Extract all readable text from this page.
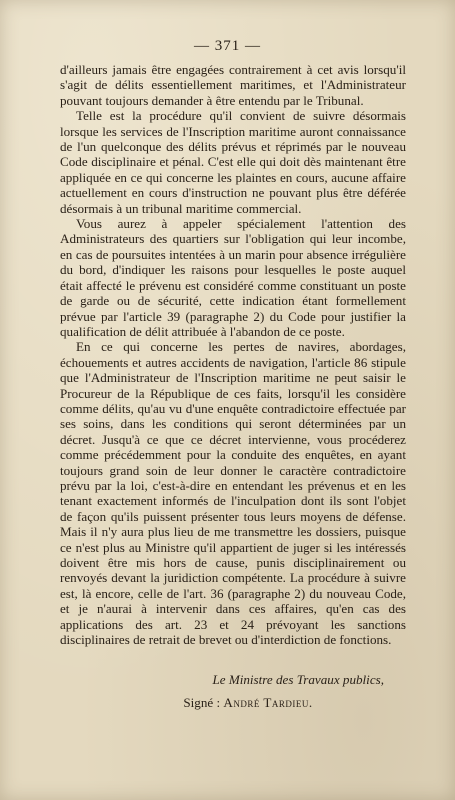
— 371 —

d'ailleurs jamais être engagées contrairement à cet avis lorsqu'il s'agit de délits essentiellement maritimes, et l'Administrateur pouvant toujours demander à être entendu par le Tribunal.

Telle est la procédure qu'il convient de suivre désormais lorsque les services de l'Inscription maritime auront connaissance de l'un quelconque des délits prévus et réprimés par le nouveau Code disciplinaire et pénal. C'est elle qui doit dès maintenant être appliquée en ce qui concerne les plaintes en cours, aucune affaire actuellement en cours d'instruction ne pouvant plus être déférée désormais à un tribunal maritime commercial.

Vous aurez à appeler spécialement l'attention des Administrateurs des quartiers sur l'obligation qui leur incombe, en cas de poursuites intentées à un marin pour absence irrégulière du bord, d'indiquer les raisons pour lesquelles le poste auquel était affecté le prévenu est considéré comme constituant un poste de garde ou de sécurité, cette indication étant formellement prévue par l'article 39 (paragraphe 2) du Code pour justifier la qualification de délit attribuée à l'abandon de ce poste.

En ce qui concerne les pertes de navires, abordages, échouements et autres accidents de navigation, l'article 86 stipule que l'Administrateur de l'Inscription maritime ne peut saisir le Procureur de la République de ces faits, lorsqu'il les considère comme délits, qu'au vu d'une enquête contradictoire effectuée par ses soins, dans les conditions qui seront déterminées par un décret. Jusqu'à ce que ce décret intervienne, vous procéderez comme précédemment pour la conduite des enquêtes, en ayant toujours grand soin de leur donner le caractère contradictoire prévu par la loi, c'est-à-dire en entendant les prévenus et en les tenant exactement informés de l'inculpation dont ils sont l'objet de façon qu'ils puissent présenter tous leurs moyens de défense. Mais il n'y aura plus lieu de me transmettre les dossiers, puisque ce n'est plus au Ministre qu'il appartient de juger si les intéressés doivent être mis hors de cause, punis disciplinairement ou renvoyés devant la juridiction compétente. La procédure à suivre est, là encore, celle de l'art. 36 (paragraphe 2) du nouveau Code, et je n'aurai à intervenir dans ces affaires, qu'en cas des applications des art. 23 et 24 prévoyant les sanctions disciplinaires de retrait de brevet ou d'interdiction de fonctions.

Le Ministre des Travaux publics,
Signé : André Tardieu.
